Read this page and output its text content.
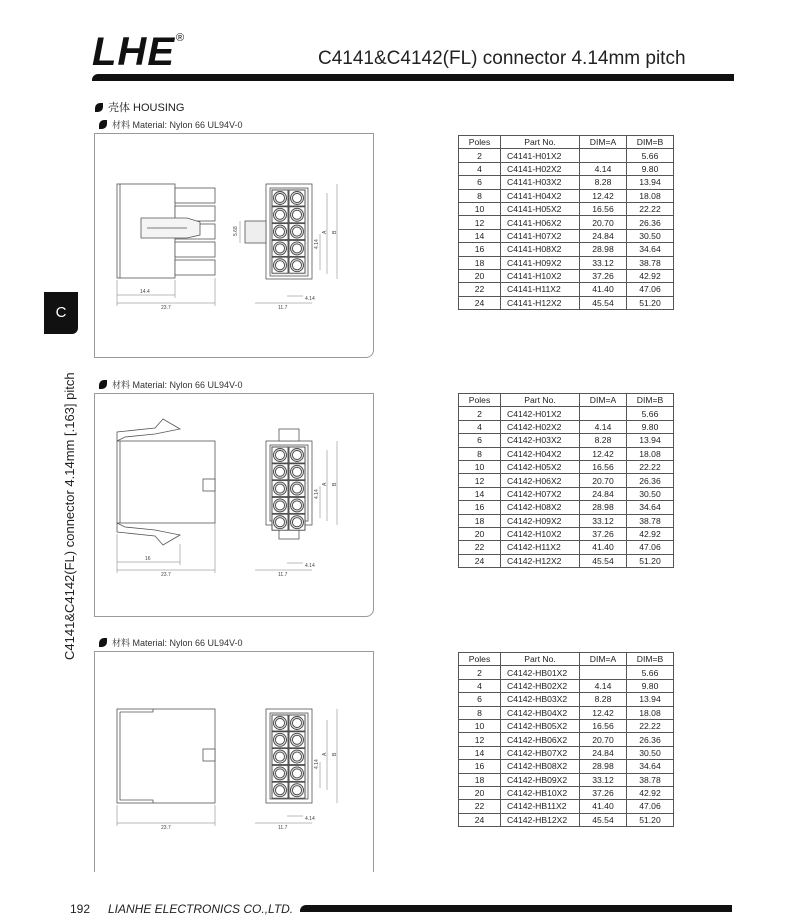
LHE ®
C4141&C4142(FL) connector 4.14mm pitch
壳体 HOUSING
C
C4141&C4142(FL) connector 4.14mm [.163] pitch
材料 Material: Nylon 66 UL94V-0
14.4
23.7	11.7
4.14
5.68
4.14
A B
Poles	Part No.	DIM=A	DIM=B
2	C4141-H01X2		5.66
4	C4141-H02X2	4.14	9.80
6	C4141-H03X2	8.28	13.94
8	C4141-H04X2	12.42	18.08
10	C4141-H05X2	16.56	22.22
12	C4141-H06X2	20.70	26.36
14	C4141-H07X2	24.84	30.50
16	C4141-H08X2	28.98	34.64
18	C4141-H09X2	33.12	38.78
20	C4141-H10X2	37.26	42.92
22	C4141-H11X2	41.40	47.06
24	C4141-H12X2	45.54	51.20
材料 Material: Nylon 66 UL94V-0
16
23.7	11.7
4.14
4.14
A B
Poles	Part No.	DIM=A	DIM=B
2	C4142-H01X2		5.66
4	C4142-H02X2	4.14	9.80
6	C4142-H03X2	8.28	13.94
8	C4142-H04X2	12.42	18.08
10	C4142-H05X2	16.56	22.22
12	C4142-H06X2	20.70	26.36
14	C4142-H07X2	24.84	30.50
16	C4142-H08X2	28.98	34.64
18	C4142-H09X2	33.12	38.78
20	C4142-H10X2	37.26	42.92
22	C4142-H11X2	41.40	47.06
24	C4142-H12X2	45.54	51.20
材料 Material: Nylon 66 UL94V-0
23.7	11.7
4.14
4.14
A B
Poles	Part No.	DIM=A	DIM=B
2	C4142-HB01X2		5.66
4	C4142-HB02X2	4.14	9.80
6	C4142-HB03X2	8.28	13.94
8	C4142-HB04X2	12.42	18.08
10	C4142-HB05X2	16.56	22.22
12	C4142-HB06X2	20.70	26.36
14	C4142-HB07X2	24.84	30.50
16	C4142-HB08X2	28.98	34.64
18	C4142-HB09X2	33.12	38.78
20	C4142-HB10X2	37.26	42.92
22	C4142-HB11X2	41.40	47.06
24	C4142-HB12X2	45.54	51.20
192 LIANHE ELECTRONICS CO.,LTD.
